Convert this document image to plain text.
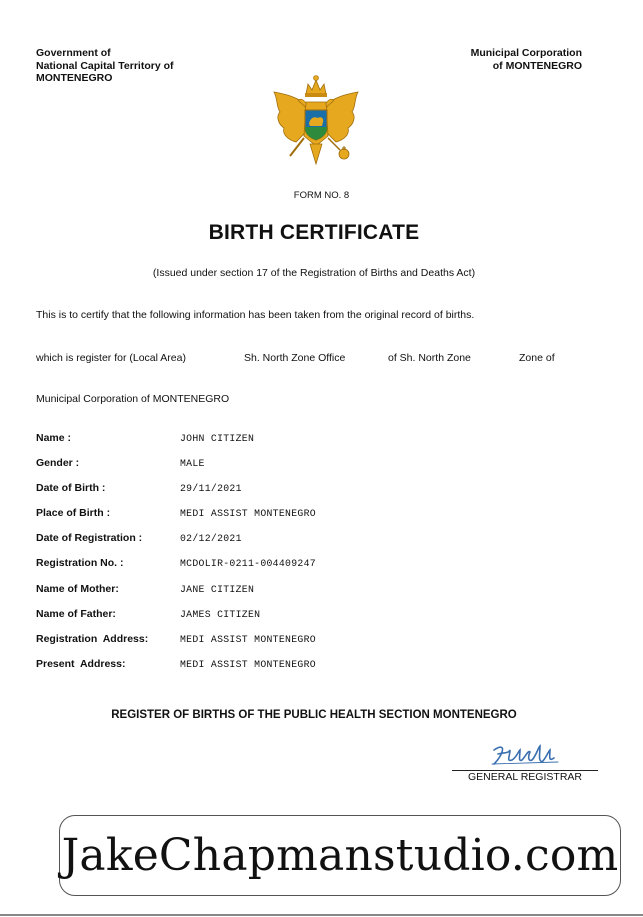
Government of
National Capital Territory of
MONTENEGRO
Municipal Corporation
of MONTENEGRO
FORM NO. 8
BIRTH CERTIFICATE
(Issued under section 17 of the Registration of Births and Deaths Act)
This is to certify that the following information has been taken from the original record of births.
which is register for (Local Area)	Sh. North Zone Office	of Sh. North Zone	Zone of
Municipal Corporation of MONTENEGRO
Name :	JOHN CITIZEN
Gender :	MALE
Date of Birth :	29/11/2021
Place of Birth :	MEDI ASSIST MONTENEGRO
Date of Registration :	02/12/2021
Registration No. :	MCDOLIR-0211-004409247
Name of Mother:	JANE CITIZEN
Name of Father:	JAMES CITIZEN
Registration  Address:	MEDI ASSIST MONTENEGRO
Present  Address:	MEDI ASSIST MONTENEGRO
REGISTER OF BIRTHS OF THE PUBLIC HEALTH SECTION MONTENEGRO
GENERAL REGISTRAR
JakeChapmanstudio.com
